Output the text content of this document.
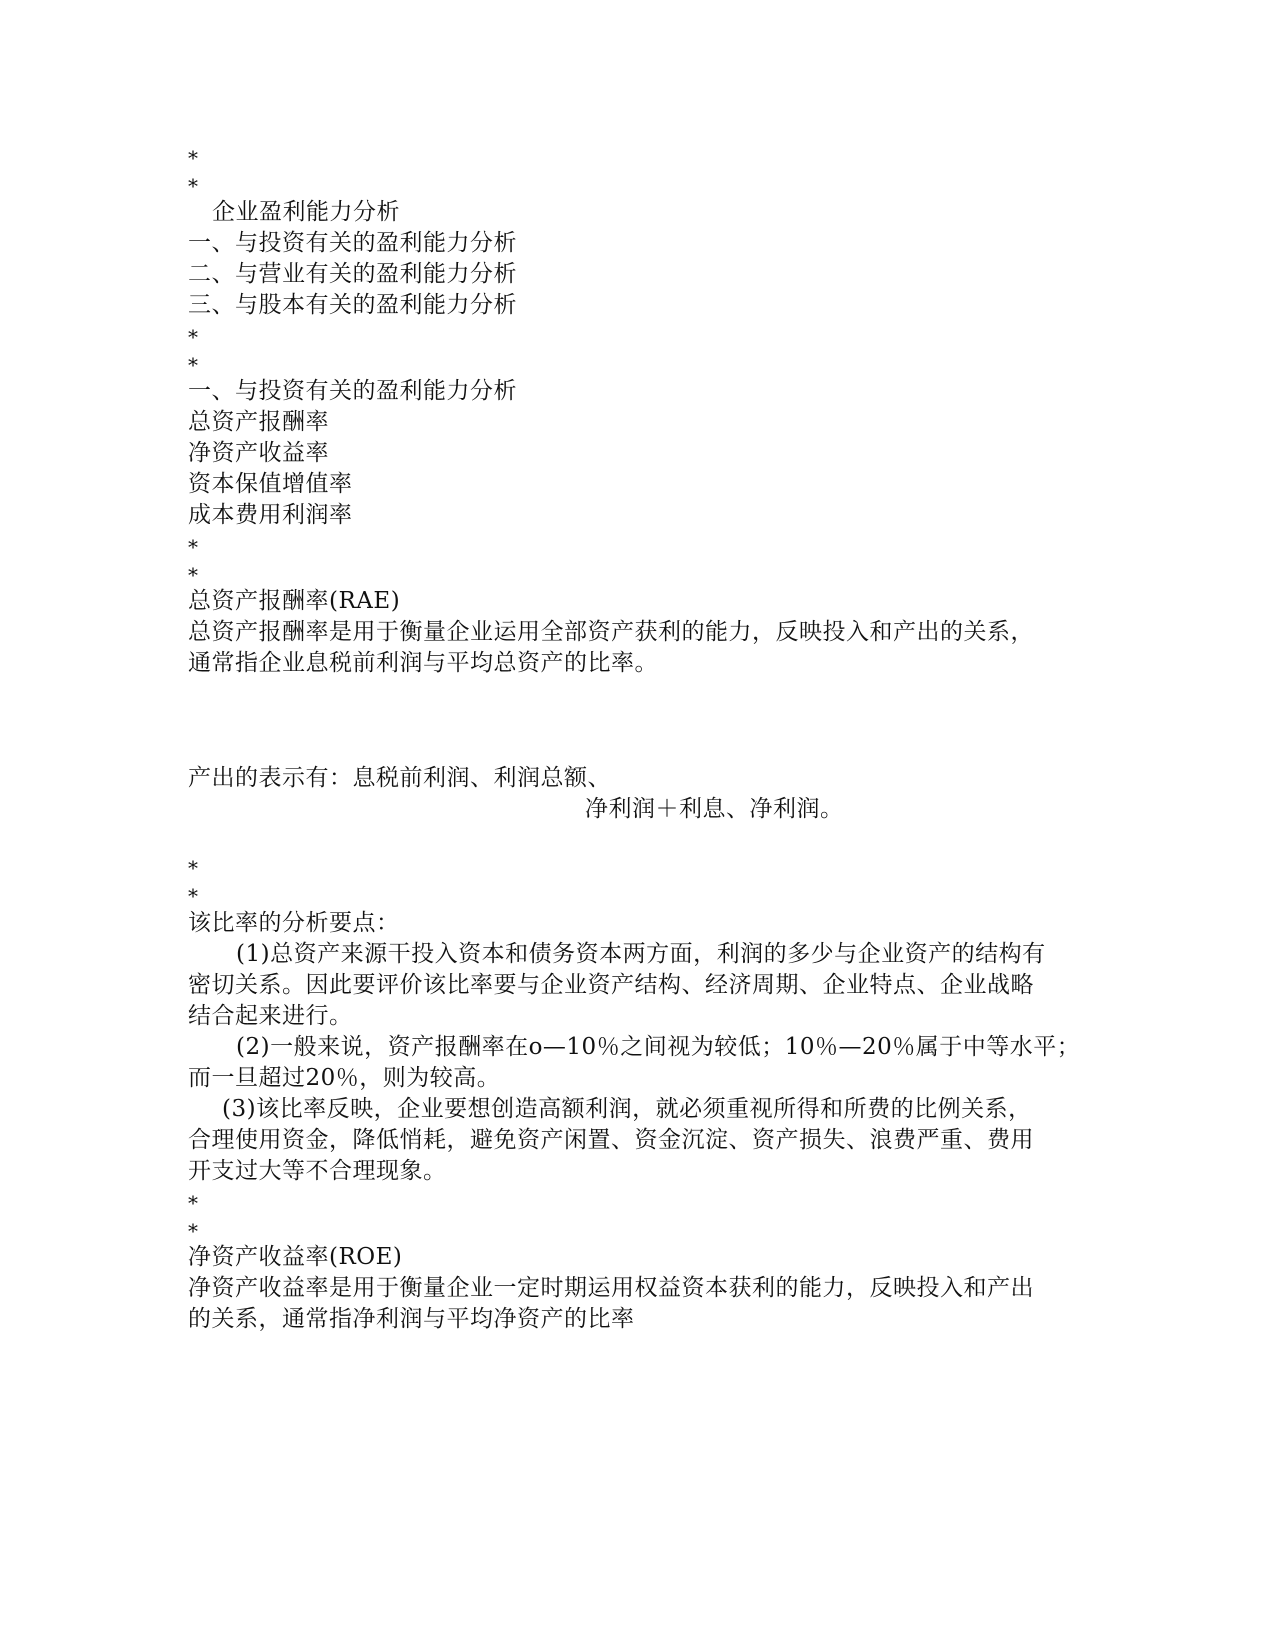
*
*
企业盈利能力分析
一、与投资有关的盈利能力分析
二、与营业有关的盈利能力分析
三、与股本有关的盈利能力分析
*
*
一、与投资有关的盈利能力分析
总资产报酬率
净资产收益率
资本保值增值率
成本费用利润率
*
*
总资产报酬率(RAE)
总资产报酬率是用于衡量企业运用全部资产获利的能力，反映投入和产出的关系，
通常指企业息税前利润与平均总资产的比率。
产出的表示有：息税前利润、利润总额、
净利润＋利息、净利润。
*
*
该比率的分析要点：
(1)总资产来源干投入资本和债务资本两方面，利润的多少与企业资产的结构有
密切关系。因此要评价该比率要与企业资产结构、经济周期、企业特点、企业战略
结合起来进行。
(2)一般来说，资产报酬率在o—10％之间视为较低；10％—20％属于中等水平；
而一旦超过20％，则为较高。
(3)该比率反映，企业要想创造高额利润，就必须重视所得和所费的比例关系，
合理使用资金，降低悄耗，避免资产闲置、资金沉淀、资产损失、浪费严重、费用
开支过大等不合理现象。
*
*
净资产收益率(ROE)
净资产收益率是用于衡量企业一定时期运用权益资本获利的能力，反映投入和产出
的关系，通常指净利润与平均净资产的比率
